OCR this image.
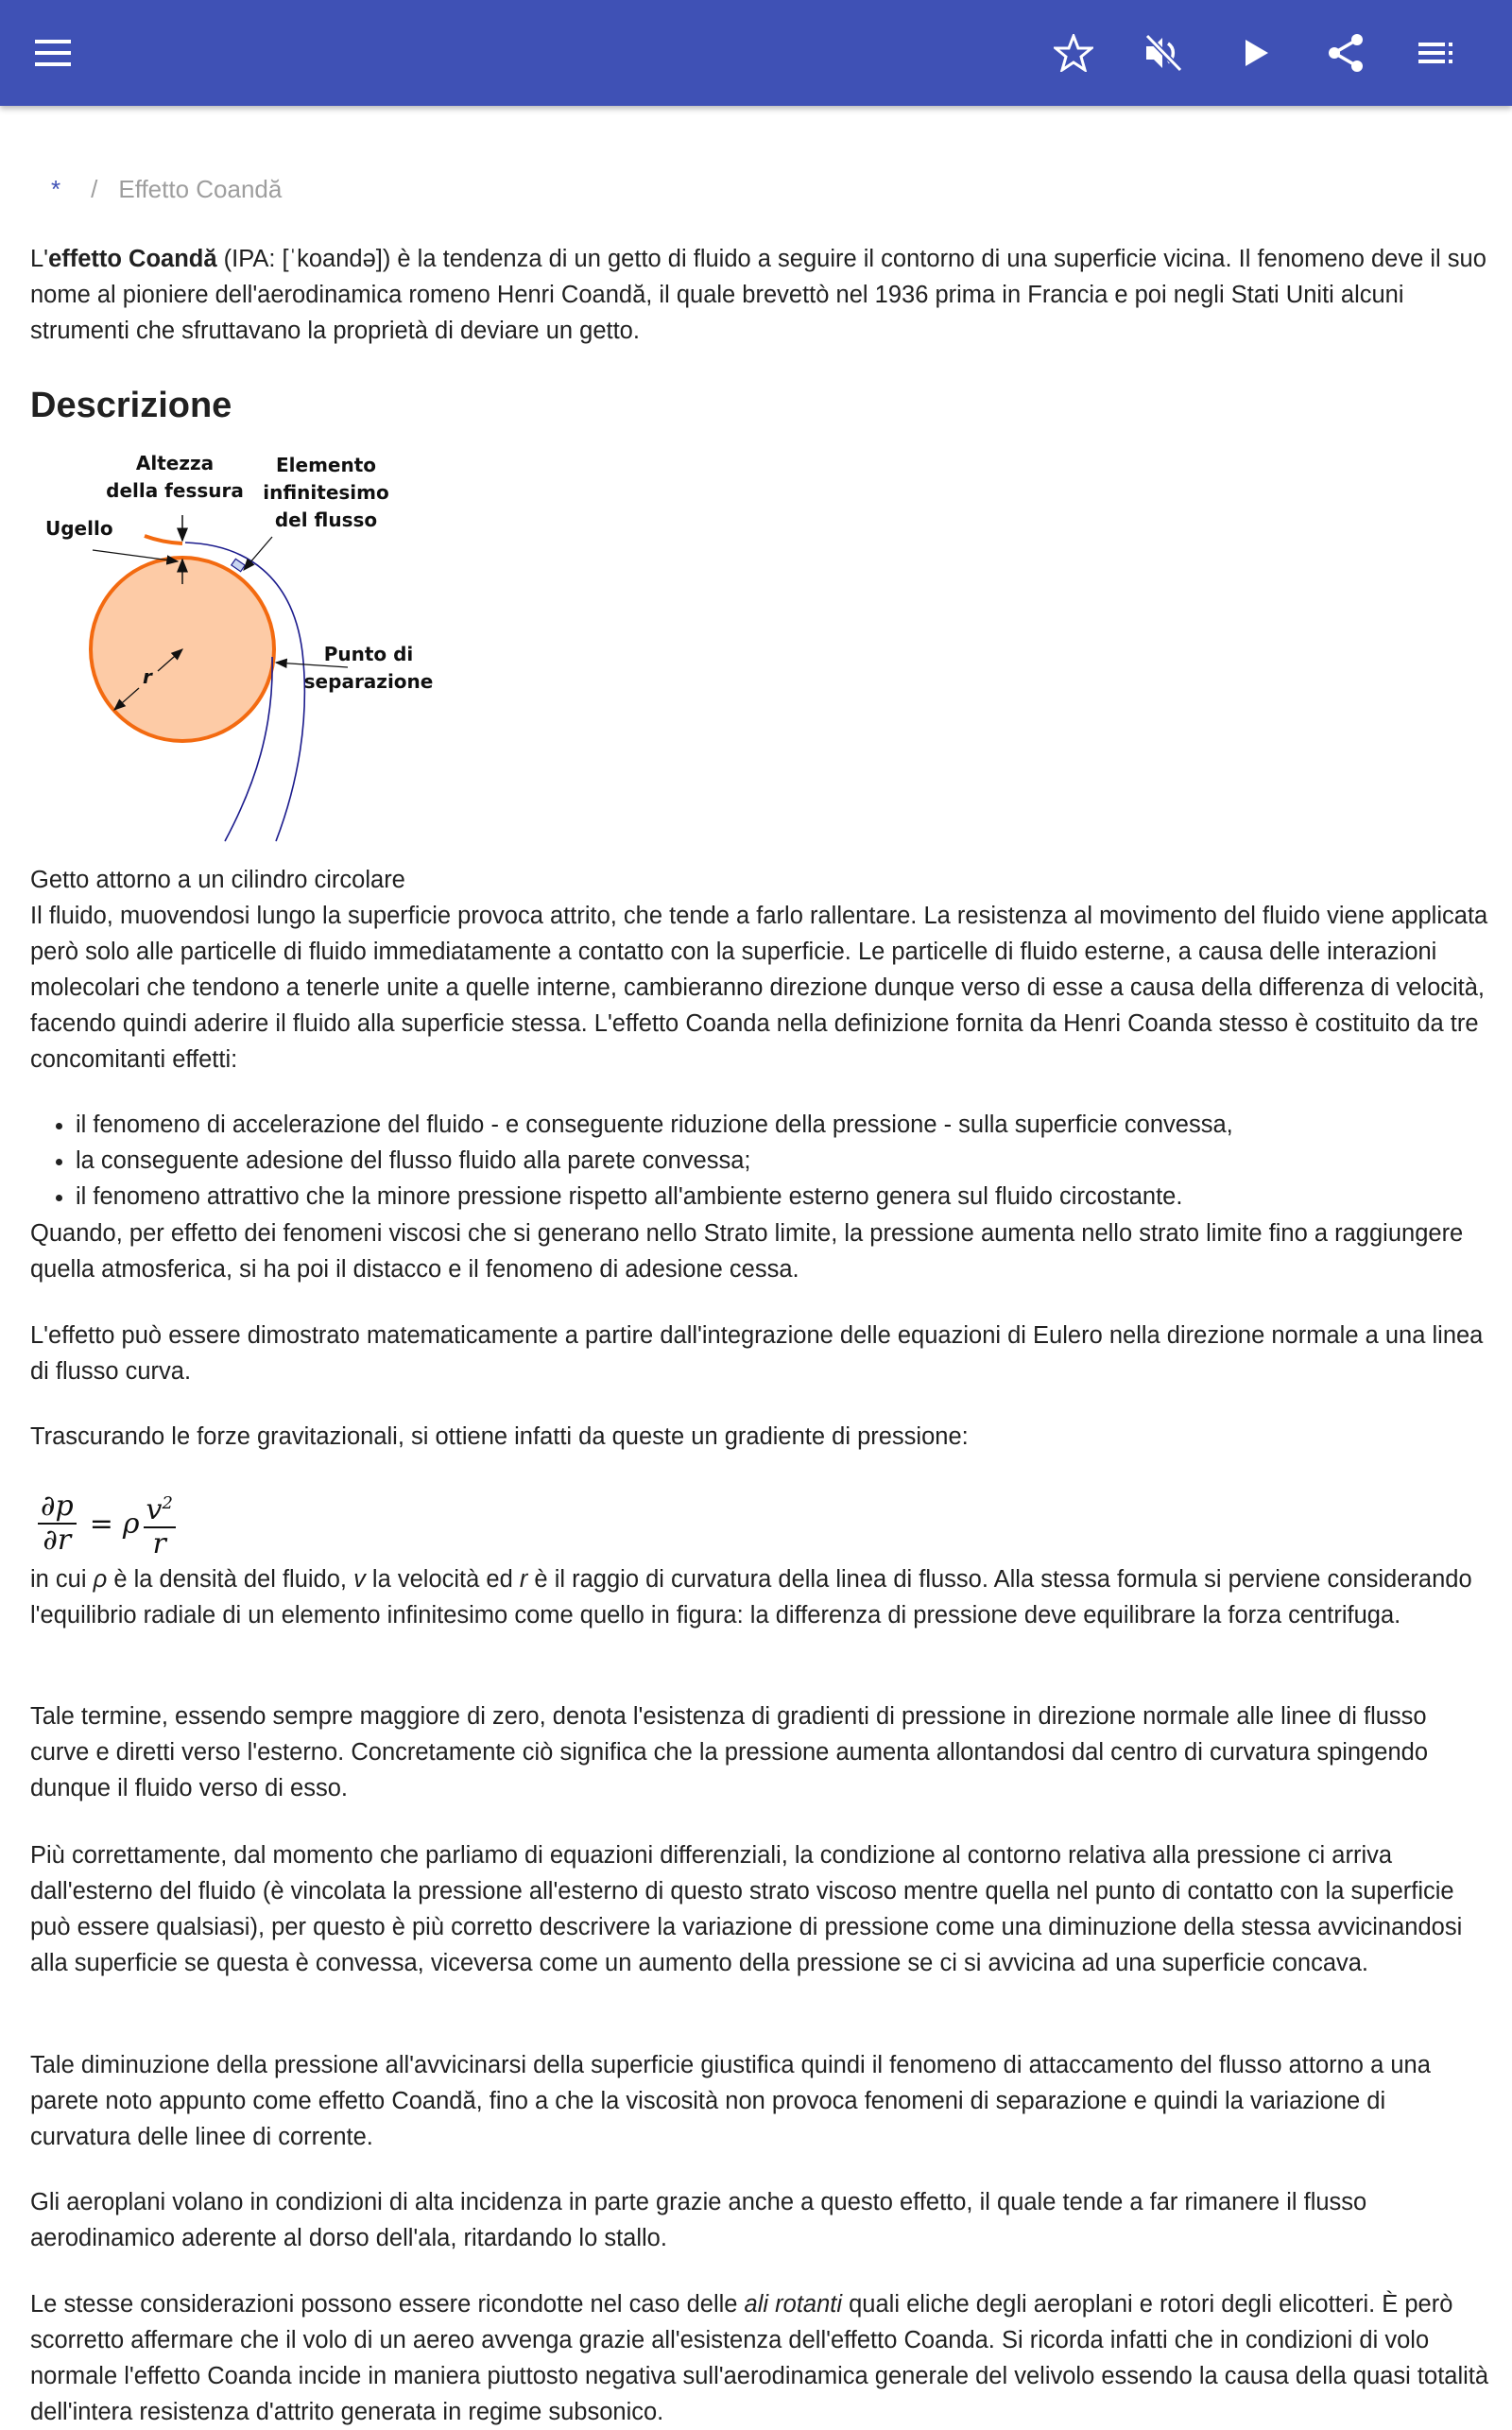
* / Effetto Coandă

L'effetto Coandă (IPA: [ˈkoandə]) è la tendenza di un getto di fluido a seguire il contorno di una superficie vicina. Il fenomeno deve il suo nome al pioniere dell'aerodinamica romeno Henri Coandă, il quale brevettò nel 1936 prima in Francia e poi negli Stati Uniti alcuni strumenti che sfruttavano la proprietà di deviare un getto.

Descrizione
Altezza
della fessura
Elemento
infinitesimo
del flusso
Ugello
Punto di
separazione
r

Getto attorno a un cilindro circolare

Il fluido, muovendosi lungo la superficie provoca attrito, che tende a farlo rallentare. La resistenza al movimento del fluido viene applicata però solo alle particelle di fluido immediatamente a contatto con la superficie. Le particelle di fluido esterne, a causa delle interazioni molecolari che tendono a tenerle unite a quelle interne, cambieranno direzione dunque verso di esse a causa della differenza di velocità, facendo quindi aderire il fluido alla superficie stessa. L'effetto Coanda nella definizione fornita da Henri Coanda stesso è costituito da tre concomitanti effetti:

• il fenomeno di accelerazione del fluido - e conseguente riduzione della pressione - sulla superficie convessa,
• la conseguente adesione del flusso fluido alla parete convessa;
• il fenomeno attrattivo che la minore pressione rispetto all'ambiente esterno genera sul fluido circostante.

Quando, per effetto dei fenomeni viscosi che si generano nello Strato limite, la pressione aumenta nello strato limite fino a raggiungere quella atmosferica, si ha poi il distacco e il fenomeno di adesione cessa.

L'effetto può essere dimostrato matematicamente a partire dall'integrazione delle equazioni di Eulero nella direzione normale a una linea di flusso curva.

Trascurando le forze gravitazionali, si ottiene infatti da queste un gradiente di pressione:

$\frac{\partial p}{\partial r} = \rho \frac{v^2}{r}$

in cui ρ è la densità del fluido, v la velocità ed r è il raggio di curvatura della linea di flusso. Alla stessa formula si perviene considerando l'equilibrio radiale di un elemento infinitesimo come quello in figura: la differenza di pressione deve equilibrare la forza centrifuga.

Tale termine, essendo sempre maggiore di zero, denota l'esistenza di gradienti di pressione in direzione normale alle linee di flusso curve e diretti verso l'esterno. Concretamente ciò significa che la pressione aumenta allontandosi dal centro di curvatura spingendo dunque il fluido verso di esso.

Più correttamente, dal momento che parliamo di equazioni differenziali, la condizione al contorno relativa alla pressione ci arriva dall'esterno del fluido (è vincolata la pressione all'esterno di questo strato viscoso mentre quella nel punto di contatto con la superficie può essere qualsiasi), per questo è più corretto descrivere la variazione di pressione come una diminuzione della stessa avvicinandosi alla superficie se questa è convessa, viceversa come un aumento della pressione se ci si avvicina ad una superficie concava.

Tale diminuzione della pressione all'avvicinarsi della superficie giustifica quindi il fenomeno di attaccamento del flusso attorno a una parete noto appunto come effetto Coandă, fino a che la viscosità non provoca fenomeni di separazione e quindi la variazione di curvatura delle linee di corrente.

Gli aeroplani volano in condizioni di alta incidenza in parte grazie anche a questo effetto, il quale tende a far rimanere il flusso aerodinamico aderente al dorso dell'ala, ritardando lo stallo.

Le stesse considerazioni possono essere ricondotte nel caso delle ali rotanti quali eliche degli aeroplani e rotori degli elicotteri. È però scorretto affermare che il volo di un aereo avvenga grazie all'esistenza dell'effetto Coanda. Si ricorda infatti che in condizioni di volo normale l'effetto Coanda incide in maniera piuttosto negativa sull'aerodinamica generale del velivolo essendo la causa della quasi totalità dell'intera resistenza d'attrito generata in regime subsonico.
